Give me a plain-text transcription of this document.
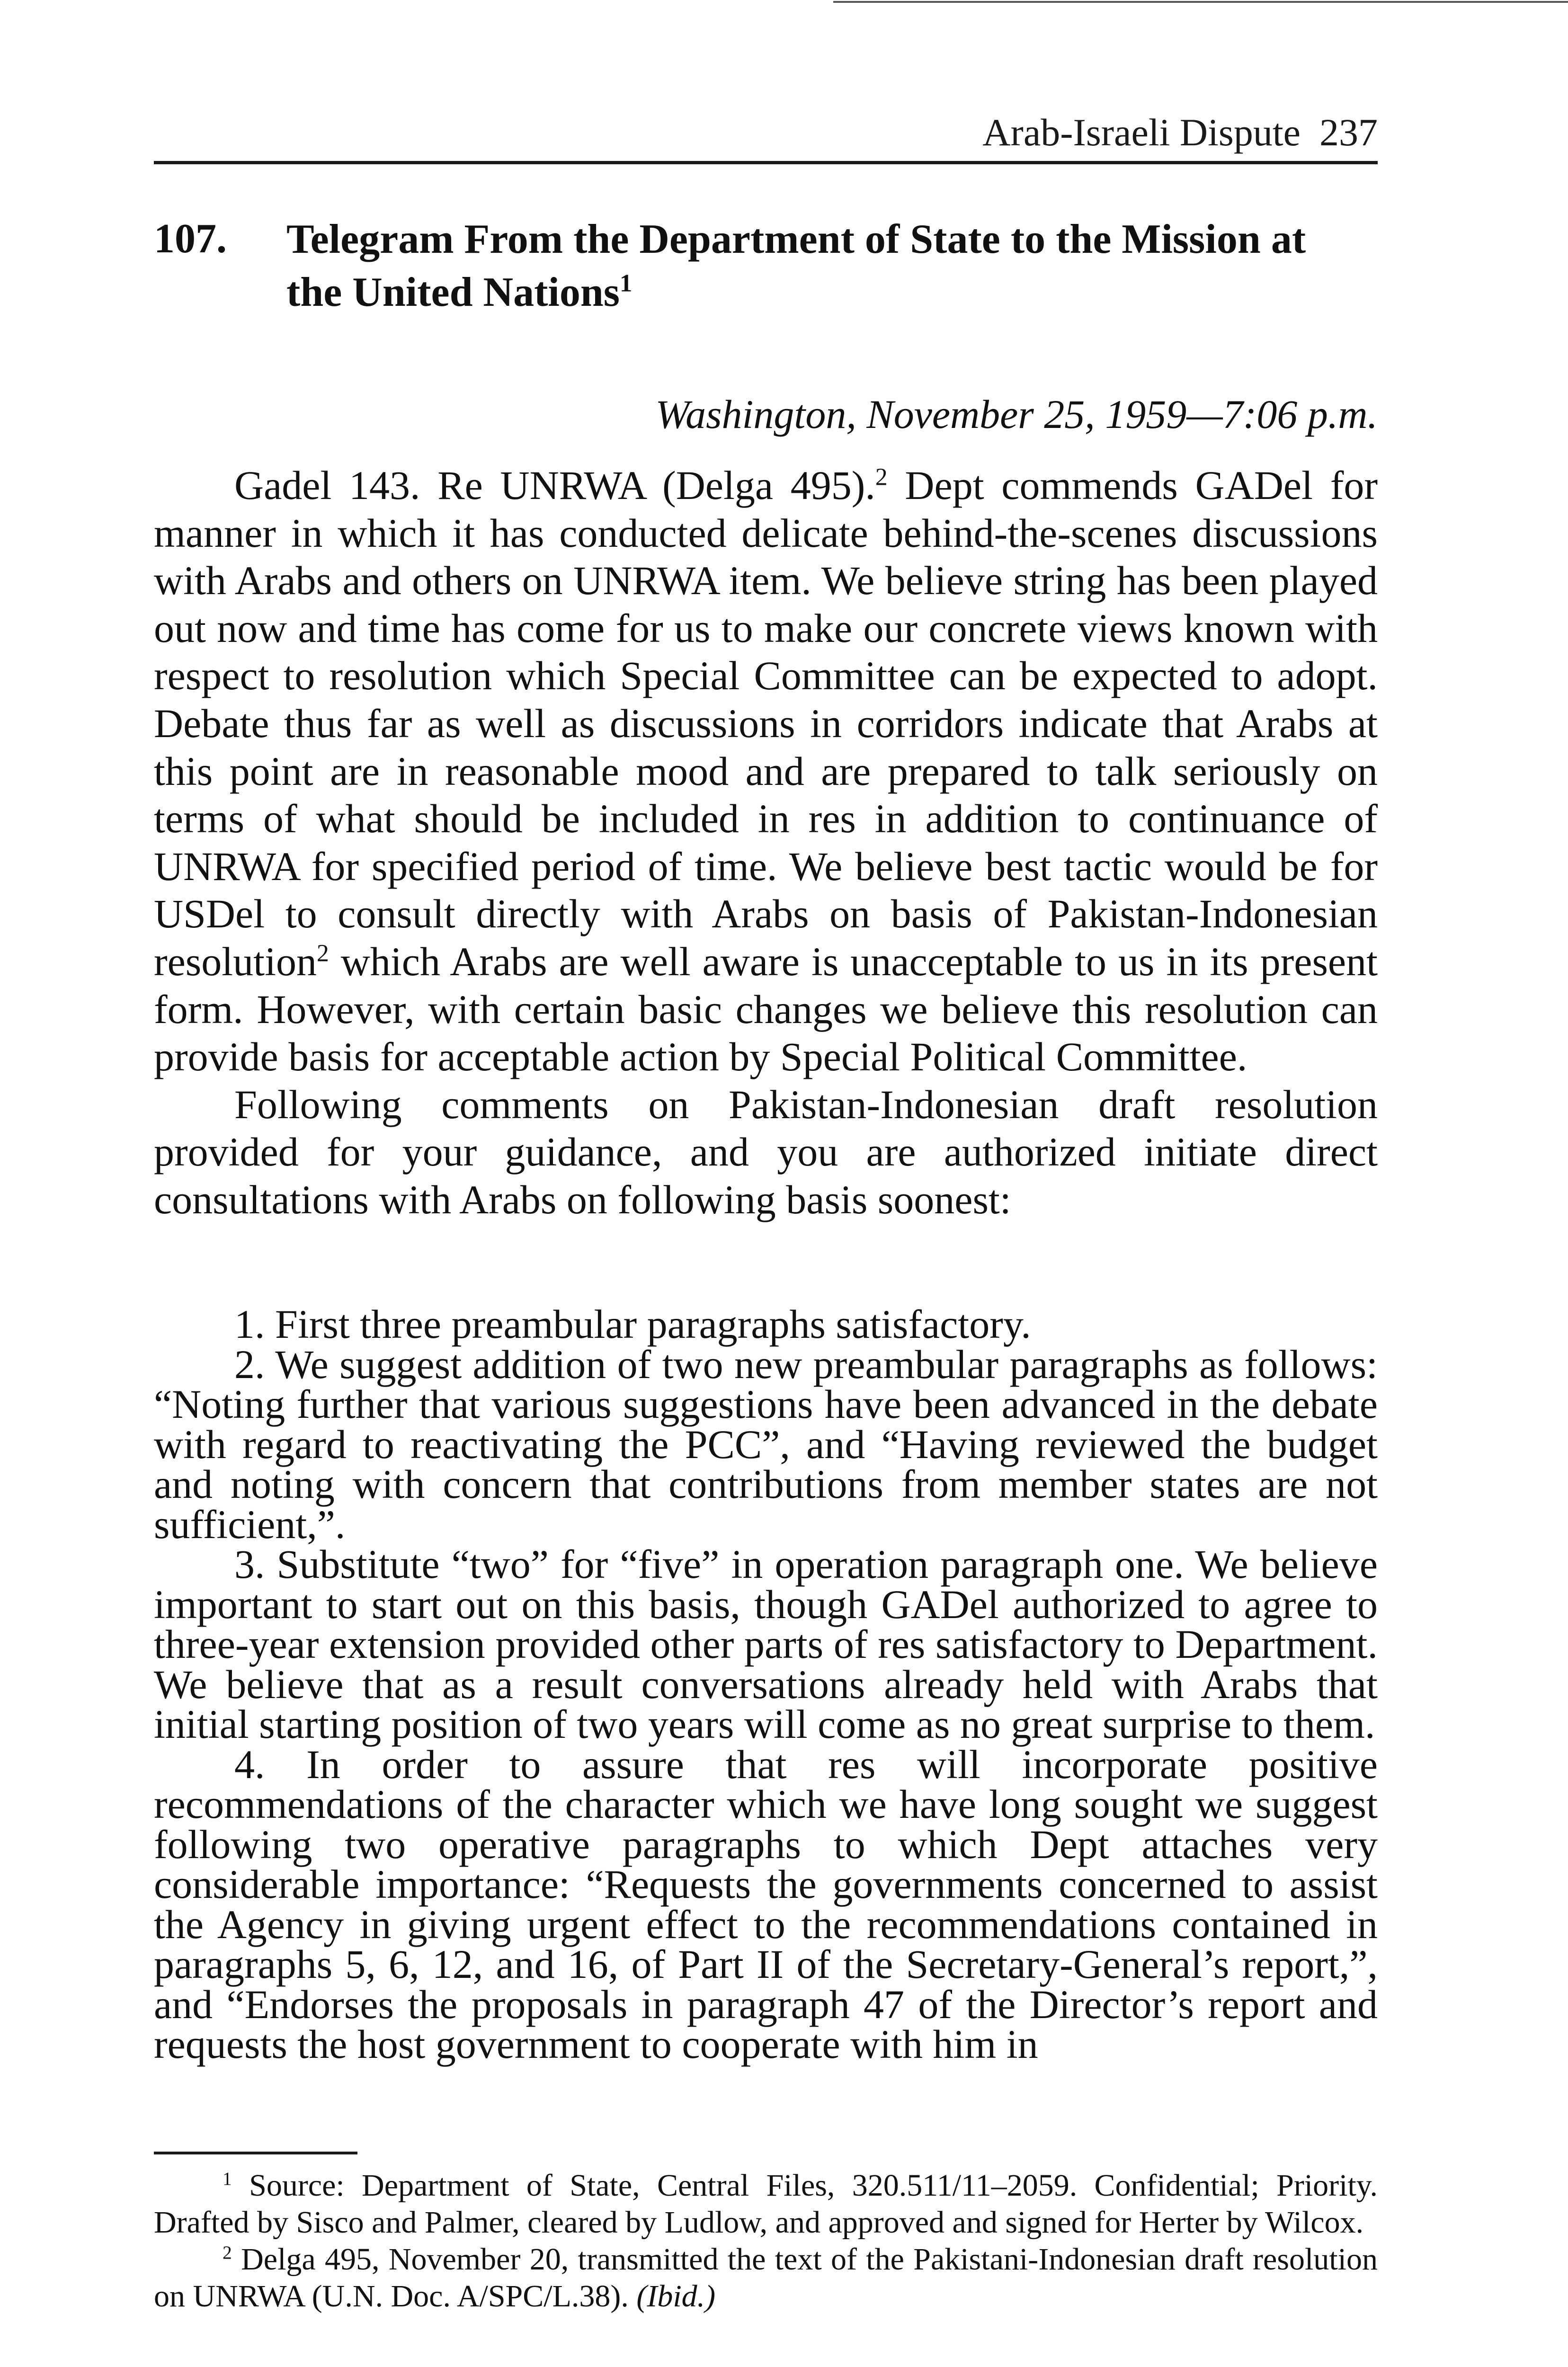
Arab-Israeli Dispute 237
107. Telegram From the Department of State to the Mission at the United Nations$^1$
Washington, November 25, 1959—7:06 p.m.

Gadel 143. Re UNRWA (Delga 495).$^2$ Dept commends GADel for manner in which it has conducted delicate behind-the-scenes discussions with Arabs and others on UNRWA item. We believe string has been played out now and time has come for us to make our concrete views known with respect to resolution which Special Committee can be expected to adopt. Debate thus far as well as discussions in corridors indicate that Arabs at this point are in reasonable mood and are prepared to talk seriously on terms of what should be included in res in addition to continuance of UNRWA for specified period of time. We believe best tactic would be for USDel to consult directly with Arabs on basis of Pakistan-Indonesian resolution$^2$ which Arabs are well aware is unacceptable to us in its present form. However, with certain basic changes we believe this resolution can provide basis for acceptable action by Special Political Committee.

Following comments on Pakistan-Indonesian draft resolution provided for your guidance, and you are authorized initiate direct consultations with Arabs on following basis soonest:

1. First three preambular paragraphs satisfactory.

2. We suggest addition of two new preambular paragraphs as follows: “Noting further that various suggestions have been advanced in the debate with regard to reactivating the PCC”, and “Having reviewed the budget and noting with concern that contributions from member states are not sufficient,”.

3. Substitute “two” for “five” in operation paragraph one. We believe important to start out on this basis, though GADel authorized to agree to three-year extension provided other parts of res satisfactory to Department. We believe that as a result conversations already held with Arabs that initial starting position of two years will come as no great surprise to them.

4. In order to assure that res will incorporate positive recommendations of the character which we have long sought we suggest following two operative paragraphs to which Dept attaches very considerable importance: “Requests the governments concerned to assist the Agency in giving urgent effect to the recommendations contained in paragraphs 5, 6, 12, and 16, of Part II of the Secretary-General’s report,”, and “Endorses the proposals in paragraph 47 of the Director’s report and requests the host government to cooperate with him in

$^1$ Source: Department of State, Central Files, 320.511/11–2059. Confidential; Priority. Drafted by Sisco and Palmer, cleared by Ludlow, and approved and signed for Herter by Wilcox.

$^2$ Delga 495, November 20, transmitted the text of the Pakistani-Indonesian draft resolution on UNRWA (U.N. Doc. A/SPC/L.38). (Ibid.)
